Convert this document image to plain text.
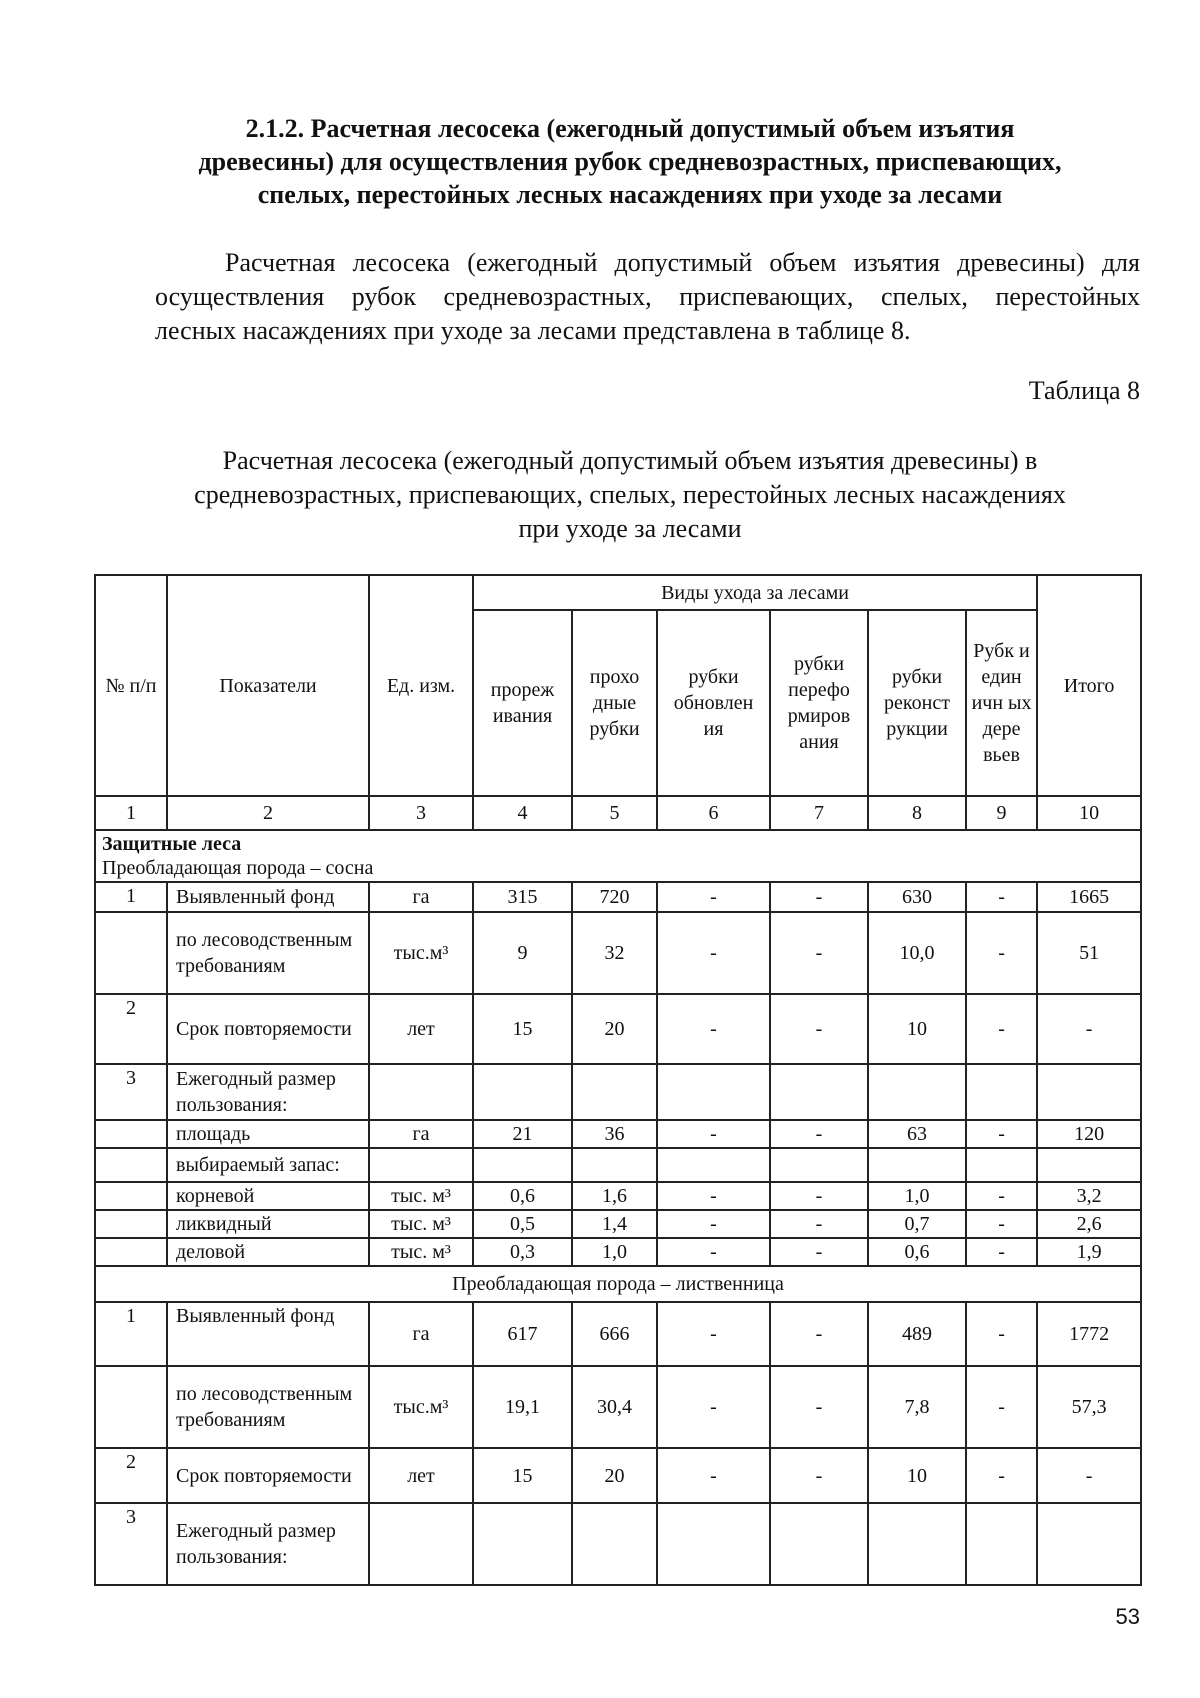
2.1.2. Расчетная лесосека (ежегодный допустимый объем изъятия
древесины) для осуществления рубок средневозрастных, приспевающих,
спелых, перестойных лесных насаждениях при уходе за лесами
Расчетная лесосека (ежегодный допустимый объем изъятия древесины) для
осуществления рубок средневозрастных, приспевающих, спелых, перестойных
лесных насаждениях при уходе за лесами представлена в таблице 8.
Таблица 8
Расчетная лесосека (ежегодный допустимый объем изъятия древесины) в
средневозрастных, приспевающих, спелых, перестойных лесных насаждениях
при уходе за лесами
№ п/п	Показатели	Ед. изм.	Виды ухода за лесами						Итого
			прореж ивания	прохо дные рубки	рубки обновлен ия	рубки перефо рмиров ания	рубки реконст рукции	Рубк и един ичн ых дере вьев	
1	2	3	4	5	6	7	8	9	10
Защитные леса
Преобладающая порода – сосна									
1	Выявленный фонд	га	315	720	-	-	630	-	1665
	по лесоводственным требованиям	тыс.м³	9	32	-	-	10,0	-	51
2	Срок повторяемости	лет	15	20	-	-	10	-	-
3	Ежегодный размер пользования:								
	площадь	га	21	36	-	-	63	-	120
	выбираемый запас:								
	корневой	тыс. м³	0,6	1,6	-	-	1,0	-	3,2
	ликвидный	тыс. м³	0,5	1,4	-	-	0,7	-	2,6
	деловой	тыс. м³	0,3	1,0	-	-	0,6	-	1,9
Преобладающая порода – лиственница									
1	Выявленный фонд	га	617	666	-	-	489	-	1772
	по лесоводственным требованиям	тыс.м³	19,1	30,4	-	-	7,8	-	57,3
2	Срок повторяемости	лет	15	20	-	-	10	-	-
3	Ежегодный размер пользования:								
53
